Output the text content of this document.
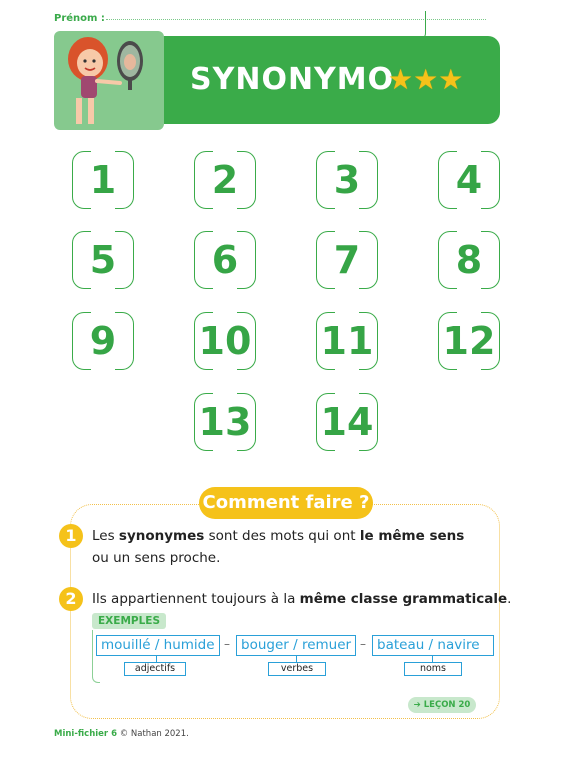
Prénom :
SYNONYMO
★ ★ ★
1	2	3	4
5	6	7	8
9	10 11 12
13 14
Comment faire ?
1	Les synonymes sont des mots qui ont le même sens
ou un sens proche.
2	Ils appartiennent toujours à la même classe grammaticale.
EXEMPLES
mouillé / humide – bouger / remuer – bateau / navire
adjectifs	verbes	noms
➔ LEÇON 20
Mini-fichier 6 © Nathan 2021.
